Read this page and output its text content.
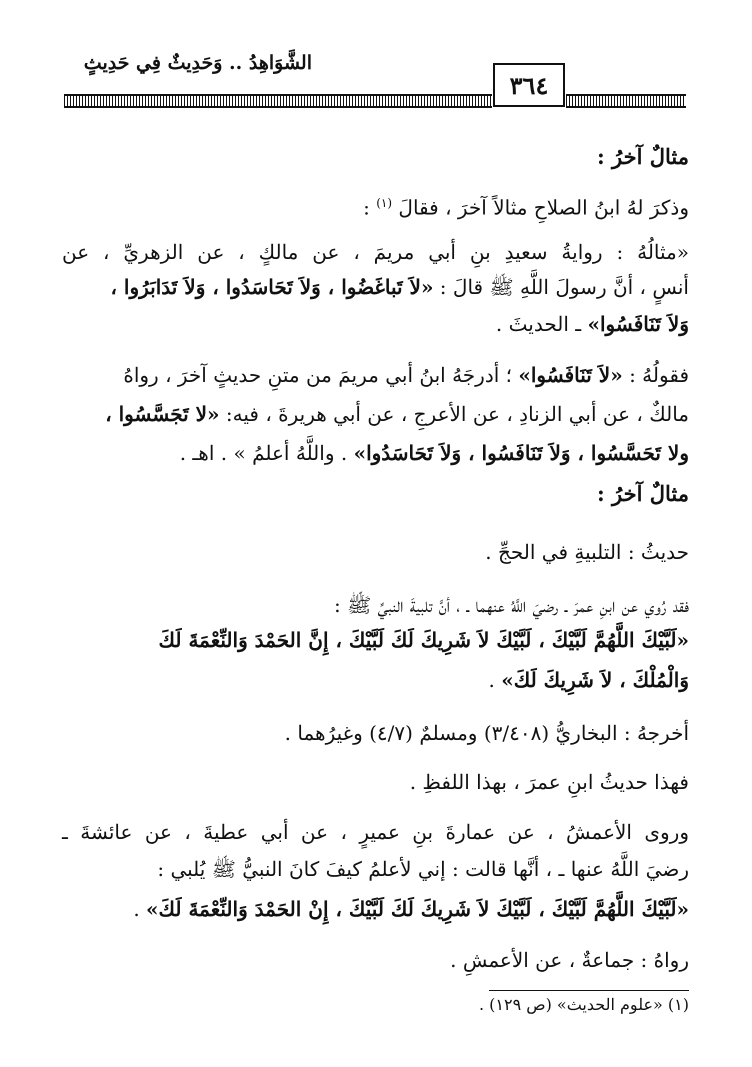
الشَّوَاهِدُ .. وَحَدِيثٌ فِي حَدِيثٍ
٣٦٤
مثالٌ آخرُ :
وذكرَ لهُ ابنُ الصلاحِ مثالاً آخرَ ، فقالَ $^{(١)}$ :
«مثالُهُ : روايةُ سعيدِ بنِ أبي مريمَ ، عن مالكٍ ، عن الزهريِّ ، عن
أنسٍ ، أنَّ رسولَ اللَّهِ ﷺ قالَ : «لاَ تَباغَضُوا ، وَلاَ تَحَاسَدُوا ، وَلاَ تَدَابَرُوا ،
وَلاَ تَنَافَسُوا» ـ الحديثَ .
فقولُهُ : «لاَ تَنَافَسُوا» ؛ أدرجَهُ ابنُ أبي مريمَ من متنِ حديثٍ آخرَ ، رواهُ
مالكٌ ، عن أبي الزنادِ ، عن الأعرجِ ، عن أبي هريرةَ ، فيه: «لا تَجَسَّسُوا ،
ولا تَحَسَّسُوا ، وَلاَ تَنَافَسُوا ، وَلاَ تَحَاسَدُوا» . واللَّهُ أعلمُ » . اهـ .
مثالٌ آخرُ :
حديثُ : التلبيةِ في الحجِّ .
فقد رُوي عن ابنِ عمرَ ـ رضيَ اللَّهُ عنهما ـ ، أنَّ تلبيةَ النبيِّ ﷺ :
«لَبَّيْكَ اللَّهُمَّ لَبَّيْكَ ، لَبَّيْكَ لاَ شَرِيكَ لَكَ لَبَّيْكَ ، إِنَّ الحَمْدَ وَالنِّعْمَةَ لَكَ
وَالْمُلْكَ ، لاَ شَرِيكَ لَكَ» .
أخرجهُ : البخاريُّ (٣/٤٠٨) ومسلمٌ (٤/٧) وغيرُهما .
فهذا حديثُ ابنِ عمرَ ، بهذا اللفظِ .
وروى الأعمشُ ، عن عمارةَ بنِ عميرٍ ، عن أبي عطيةَ ، عن عائشةَ ـ
رضيَ اللَّهُ عنها ـ ، أنَّها قالت : إني لأعلمُ كيفَ كانَ النبيُّ ﷺ يُلبي :
«لَبَّيْكَ اللَّهُمَّ لَبَّيْكَ ، لَبَّيْكَ لاَ شَرِيكَ لَكَ لَبَّيْكَ ، إِنْ الحَمْدَ وَالنِّعْمَةَ لَكَ» .
رواهُ : جماعةٌ ، عن الأعمشِ .
(١) «علوم الحديث» (ص ١٢٩) .
